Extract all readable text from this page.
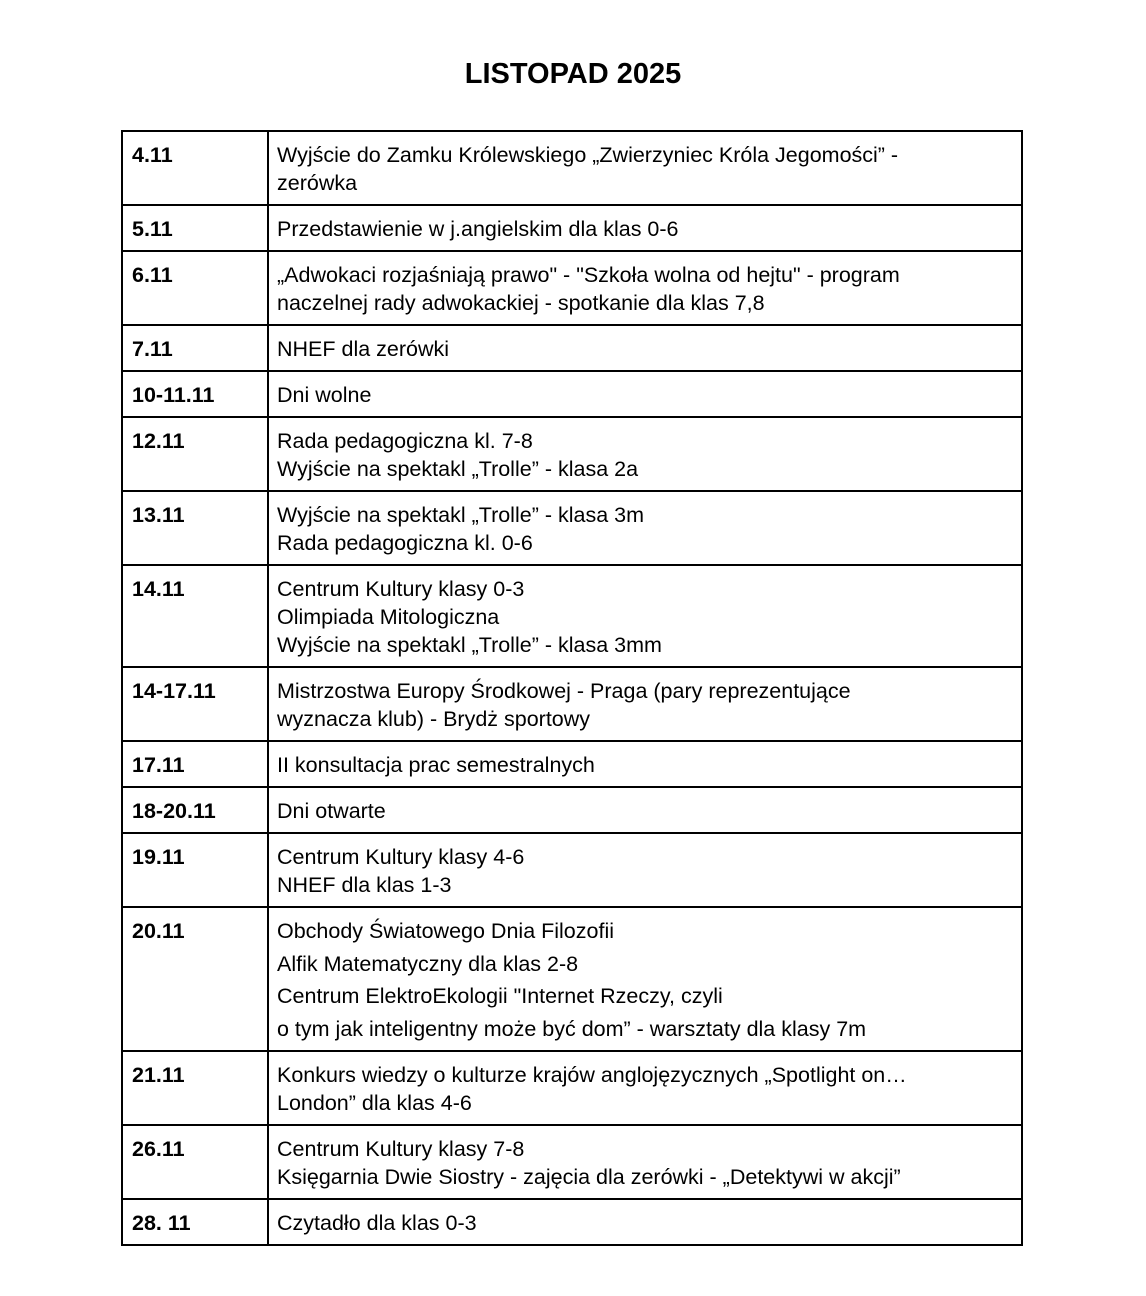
LISTOPAD 2025
4.11	Wyjście do Zamku Królewskiego „Zwierzyniec Króla Jegomości” -
zerówka

5.11	Przedstawienie w j.angielskim dla klas 0-6

6.11	„Adwokaci rozjaśniają prawo" - "Szkoła wolna od hejtu" - program
naczelnej rady adwokackiej - spotkanie dla klas 7,8

7.11	NHEF dla zerówki

10-11.11	Dni wolne

12.11	Rada pedagogiczna kl. 7-8
Wyjście na spektakl „Trolle” - klasa 2a

13.11	Wyjście na spektakl „Trolle” - klasa 3m
Rada pedagogiczna kl. 0-6

14.11	Centrum Kultury klasy 0-3
Olimpiada Mitologiczna
Wyjście na spektakl „Trolle” - klasa 3mm

14-17.11	Mistrzostwa Europy Środkowej - Praga (pary reprezentujące
wyznacza klub) - Brydż sportowy

17.11	II konsultacja prac semestralnych

18-20.11	Dni otwarte

19.11	Centrum Kultury klasy 4-6
NHEF dla klas 1-3

20.11	Obchody Światowego Dnia Filozofii
Alfik Matematyczny dla klas 2-8
Centrum ElektroEkologii "Internet Rzeczy, czyli
o tym jak inteligentny może być dom” - warsztaty dla klasy 7m

21.11	Konkurs wiedzy o kulturze krajów anglojęzycznych „Spotlight on…
London” dla klas 4-6

26.11	Centrum Kultury klasy 7-8
Księgarnia Dwie Siostry - zajęcia dla zerówki - „Detektywi w akcji”

28. 11	Czytadło dla klas 0-3
